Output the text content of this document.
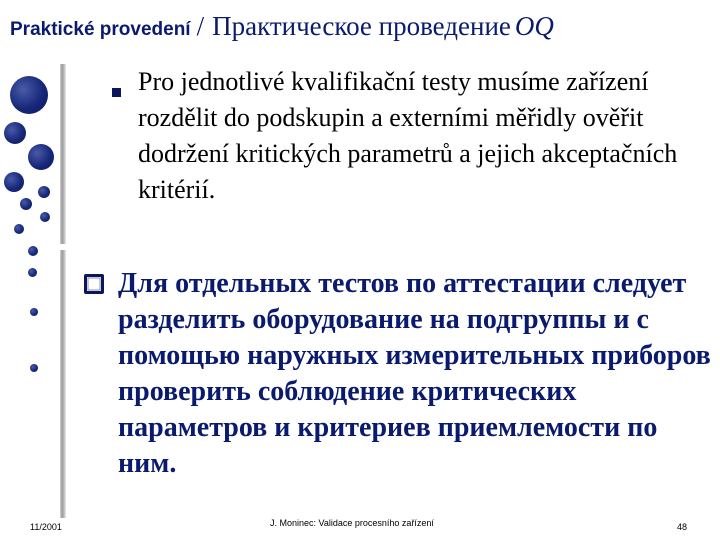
Praktické provedení / Практическое проведение OQ
Pro jednotlivé kvalifikační testy musíme zařízení rozdělit do podskupin a externími měřidly ověřit dodržení kritických parametrů a jejich akceptačních kritérií.
Для отдельных тестов по аттестации следует разделить оборудование на подгруппы и с помощью наружных измерительных приборов проверить соблюдение критических параметров и критериев приемлемости по ним.
11/2001	J. Moninec: Validace procesního zařízení	48
